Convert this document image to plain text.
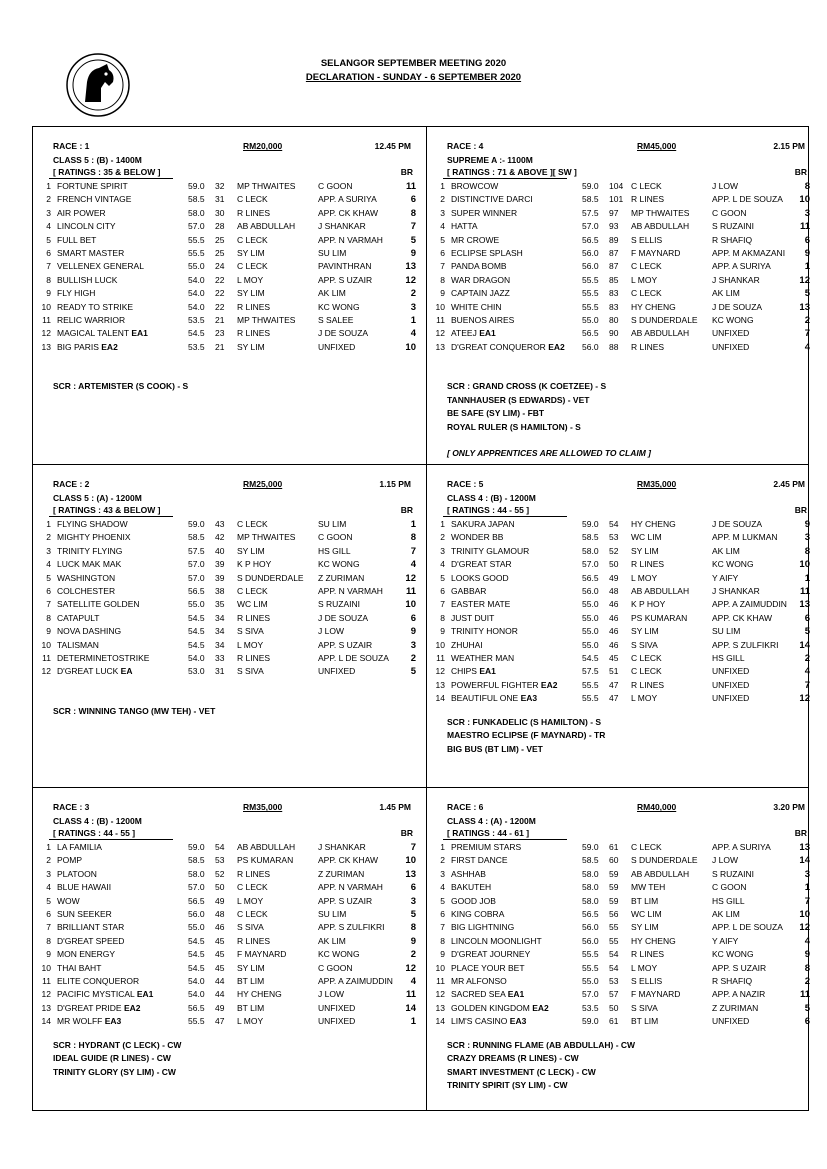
SELANGOR SEPTEMBER MEETING 2020
DECLARATION - SUNDAY - 6 SEPTEMBER 2020
RACE : 1	RM20,000	12.45 PM
CLASS 5 : (B) - 1400M
[ RATINGS : 35 & BELOW ]	BR
1	FORTUNE SPIRIT	59.0	32	MP THWAITES	C GOON	11
2	FRENCH VINTAGE	58.5	31	C LECK	APP. A SURIYA	6
3	AIR POWER	58.0	30	R LINES	APP. CK KHAW	8
4	LINCOLN CITY	57.0	28	AB ABDULLAH	J SHANKAR	7
5	FULL BET	55.5	25	C LECK	APP. N VARMAH	5
6	SMART MASTER	55.5	25	SY LIM	SU LIM	9
7	VELLENEX GENERAL	55.0	24	C LECK	PAVINTHRAN	13
8	BULLISH LUCK	54.0	22	L MOY	APP. S UZAIR	12
9	FLY HIGH	54.0	22	SY LIM	AK LIM	2
10	READY TO STRIKE	54.0	22	R LINES	KC WONG	3
11	RELIC WARRIOR	53.5	21	MP THWAITES	S SALEE	1
12	MAGICAL TALENT EA1	54.5	23	R LINES	J DE SOUZA	4
13	BIG PARIS EA2	53.5	21	SY LIM	UNFIXED	10
SCR : ARTEMISTER (S COOK) - S
RACE : 4	RM45,000	2.15 PM
SUPREME A :- 1100M
[ RATINGS : 71 & ABOVE ][ SW ]	BR
1	BROWCOW	59.0	104	C LECK	J LOW	8
2	DISTINCTIVE DARCI	58.5	101	R LINES	APP. L DE SOUZA	10
3	SUPER WINNER	57.5	97	MP THWAITES	C GOON	3
4	HATTA	57.0	93	AB ABDULLAH	S RUZAINI	11
5	MR CROWE	56.5	89	S ELLIS	R SHAFIQ	6
6	ECLIPSE SPLASH	56.0	87	F MAYNARD	APP. M AKMAZANI	9
7	PANDA BOMB	56.0	87	C LECK	APP. A SURIYA	1
8	WAR DRAGON	55.5	85	L MOY	J SHANKAR	12
9	CAPTAIN JAZZ	55.5	83	C LECK	AK LIM	5
10	WHITE CHIN	55.5	83	HY CHENG	J DE SOUZA	13
11	BUENOS AIRES	55.0	80	S DUNDERDALE	KC WONG	2
12	ATEEJ EA1	56.5	90	AB ABDULLAH	UNFIXED	7
13	D'GREAT CONQUEROR EA2	56.0	88	R LINES	UNFIXED	4
SCR : GRAND CROSS (K COETZEE) - S
TANNHAUSER (S EDWARDS) - VET
BE SAFE (SY LIM) - FBT
ROYAL RULER (S HAMILTON) - S
[ ONLY APPRENTICES ARE ALLOWED TO CLAIM ]
RACE : 2	RM25,000	1.15 PM
CLASS 5 : (A) - 1200M
[ RATINGS : 43 & BELOW ]	BR
1	FLYING SHADOW	59.0	43	C LECK	SU LIM	1
2	MIGHTY PHOENIX	58.5	42	MP THWAITES	C GOON	8
3	TRINITY FLYING	57.5	40	SY LIM	HS GILL	7
4	LUCK MAK MAK	57.0	39	K P HOY	KC WONG	4
5	WASHINGTON	57.0	39	S DUNDERDALE	Z ZURIMAN	12
6	COLCHESTER	56.5	38	C LECK	APP. N VARMAH	11
7	SATELLITE GOLDEN	55.0	35	WC LIM	S RUZAINI	10
8	CATAPULT	54.5	34	R LINES	J DE SOUZA	6
9	NOVA DASHING	54.5	34	S SIVA	J LOW	9
10	TALISMAN	54.5	34	L MOY	APP. S UZAIR	3
11	DETERMINETOSTRIKE	54.0	33	R LINES	APP. L DE SOUZA	2
12	D'GREAT LUCK EA	53.0	31	S SIVA	UNFIXED	5
SCR : WINNING TANGO (MW TEH) - VET
RACE : 5	RM35,000	2.45 PM
CLASS 4 : (B) - 1200M
[ RATINGS : 44 - 55 ]	BR
1	SAKURA JAPAN	59.0	54	HY CHENG	J DE SOUZA	9
2	WONDER BB	58.5	53	WC LIM	APP. M LUKMAN	3
3	TRINITY GLAMOUR	58.0	52	SY LIM	AK LIM	8
4	D'GREAT STAR	57.0	50	R LINES	KC WONG	10
5	LOOKS GOOD	56.5	49	L MOY	Y AIFY	1
6	GABBAR	56.0	48	AB ABDULLAH	J SHANKAR	11
7	EASTER MATE	55.0	46	K P HOY	APP. A ZAIMUDDIN	13
8	JUST DUIT	55.0	46	PS KUMARAN	APP. CK KHAW	6
9	TRINITY HONOR	55.0	46	SY LIM	SU LIM	5
10	ZHUHAI	55.0	46	S SIVA	APP. S ZULFIKRI	14
11	WEATHER MAN	54.5	45	C LECK	HS GILL	2
12	CHIPS EA1	57.5	51	C LECK	UNFIXED	4
13	POWERFUL FIGHTER EA2	55.5	47	R LINES	UNFIXED	7
14	BEAUTIFUL ONE EA3	55.5	47	L MOY	UNFIXED	12
SCR : FUNKADELIC (S HAMILTON) - S
MAESTRO ECLIPSE (F MAYNARD) - TR
BIG BUS (BT LIM) - VET
RACE : 3	RM35,000	1.45 PM
CLASS 4 : (B) - 1200M
[ RATINGS : 44 - 55 ]	BR
1	LA FAMILIA	59.0	54	AB ABDULLAH	J SHANKAR	7
2	POMP	58.5	53	PS KUMARAN	APP. CK KHAW	10
3	PLATOON	58.0	52	R LINES	Z ZURIMAN	13
4	BLUE HAWAII	57.0	50	C LECK	APP. N VARMAH	6
5	WOW	56.5	49	L MOY	APP. S UZAIR	3
6	SUN SEEKER	56.0	48	C LECK	SU LIM	5
7	BRILLIANT STAR	55.0	46	S SIVA	APP. S ZULFIKRI	8
8	D'GREAT SPEED	54.5	45	R LINES	AK LIM	9
9	MON ENERGY	54.5	45	F MAYNARD	KC WONG	2
10	THAI BAHT	54.5	45	SY LIM	C GOON	12
11	ELITE CONQUEROR	54.0	44	BT LIM	APP. A ZAIMUDDIN	4
12	PACIFIC MYSTICAL EA1	54.0	44	HY CHENG	J LOW	11
13	D'GREAT PRIDE EA2	56.5	49	BT LIM	UNFIXED	14
14	MR WOLFF EA3	55.5	47	L MOY	UNFIXED	1
SCR : HYDRANT (C LECK) - CW
IDEAL GUIDE (R LINES) - CW
TRINITY GLORY (SY LIM) - CW
RACE : 6	RM40,000	3.20 PM
CLASS 4 : (A) - 1200M
[ RATINGS : 44 - 61 ]	BR
1	PREMIUM STARS	59.0	61	C LECK	APP. A SURIYA	13
2	FIRST DANCE	58.5	60	S DUNDERDALE	J LOW	14
3	ASHHAB	58.0	59	AB ABDULLAH	S RUZAINI	3
4	BAKUTEH	58.0	59	MW TEH	C GOON	1
5	GOOD JOB	58.0	59	BT LIM	HS GILL	7
6	KING COBRA	56.5	56	WC LIM	AK LIM	10
7	BIG LIGHTNING	56.0	55	SY LIM	APP. L DE SOUZA	12
8	LINCOLN MOONLIGHT	56.0	55	HY CHENG	Y AIFY	4
9	D'GREAT JOURNEY	55.5	54	R LINES	KC WONG	9
10	PLACE YOUR BET	55.5	54	L MOY	APP. S UZAIR	8
11	MR ALFONSO	55.0	53	S ELLIS	R SHAFIQ	2
12	SACRED SEA EA1	57.0	57	F MAYNARD	APP. A NAZIR	11
13	GOLDEN KINGDOM EA2	53.5	50	S SIVA	Z ZURIMAN	5
14	LIM'S CASINO EA3	59.0	61	BT LIM	UNFIXED	6
SCR : RUNNING FLAME (AB ABDULLAH) - CW
CRAZY DREAMS (R LINES) - CW
SMART INVESTMENT (C LECK) - CW
TRINITY SPIRIT (SY LIM) - CW
